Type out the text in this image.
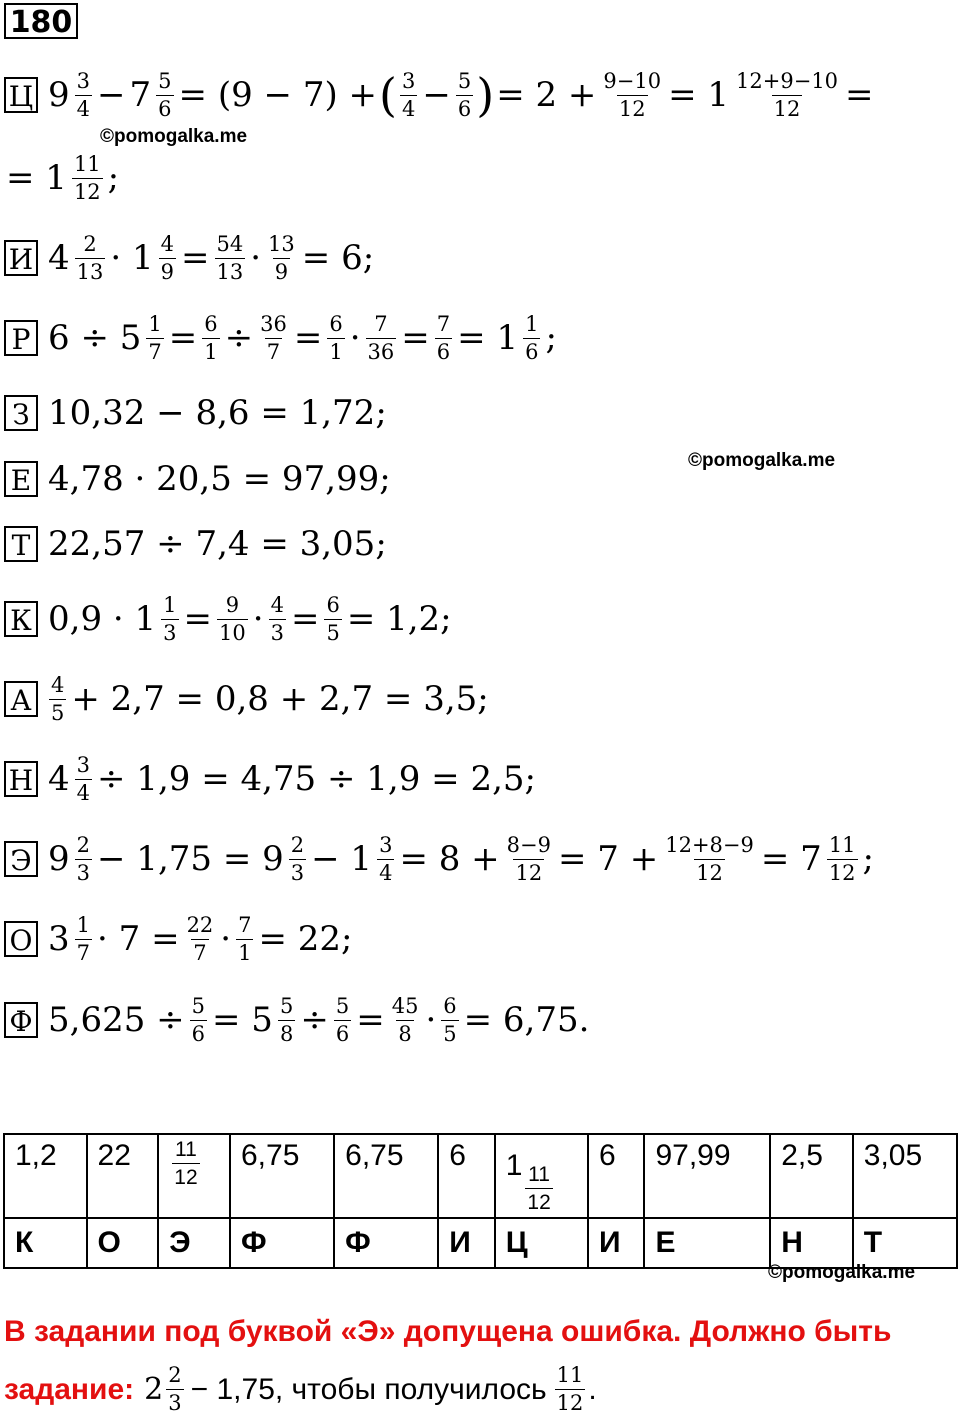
180
Ц $9 \frac{3}{4} - 7 \frac{5}{6} = (9 - 7)$ + ( $\frac{3}{4} - \frac{5}{6}$ ) = $2 + \frac{9-10}{12} = 1 \frac{12+9-10}{12}$ =
©pomogalka.me
= $1 \frac{11}{12}$ ;
И $4 \frac{2}{13} \cdot 1 \frac{4}{9} = \frac{54}{13} \cdot \frac{13}{9} = 6$;
Р $6 \div 5 \frac{1}{7} = \frac{6}{1} \div \frac{36}{7} = \frac{6}{1} \cdot \frac{7}{36} = \frac{7}{6} = 1 \frac{1}{6}$ ;
З 10,32 − 8,6 = 1,72;
Е 4,78 · 20,5 = 97,99;	©pomogalka.me
Т 22,57 ÷ 7,4 = 3,05;
К $0,9 \cdot 1 \frac{1}{3} = \frac{9}{10} \cdot \frac{4}{3} = \frac{6}{5} = 1,2$;
А $\frac{4}{5} + 2,7 = 0,8 + 2,7 = 3,5$;
Н $4 \frac{3}{4} \div 1,9 = 4,75 \div 1,9 = 2,5$;
Э $9 \frac{2}{3} - 1,75 = 9 \frac{2}{3} - 1 \frac{3}{4} = 8 + \frac{8-9}{12} = 7 + \frac{12+8-9}{12} = 7 \frac{11}{12}$ ;
О $3 \frac{1}{7} \cdot 7 = \frac{22}{7} \cdot \frac{7}{1} = 22$;
Ф $5,625 \div \frac{5}{6} = 5 \frac{5}{8} \div \frac{5}{6} = \frac{45}{8} \cdot \frac{6}{5} = 6,75$.
1,2	22	$\frac{11}{12}$	6,75	6,75	6	$1 \frac{11}{12}$	6	97,99	2,5	3,05
К	О	Э	Ф	Ф	И	Ц	И	Е	Н	Т
©pomogalka.me
В задании под буквой «Э» допущена ошибка. Должно быть
задание: $2 \frac{2}{3} - 1,75$, чтобы получилось $\frac{11}{12}$ .
